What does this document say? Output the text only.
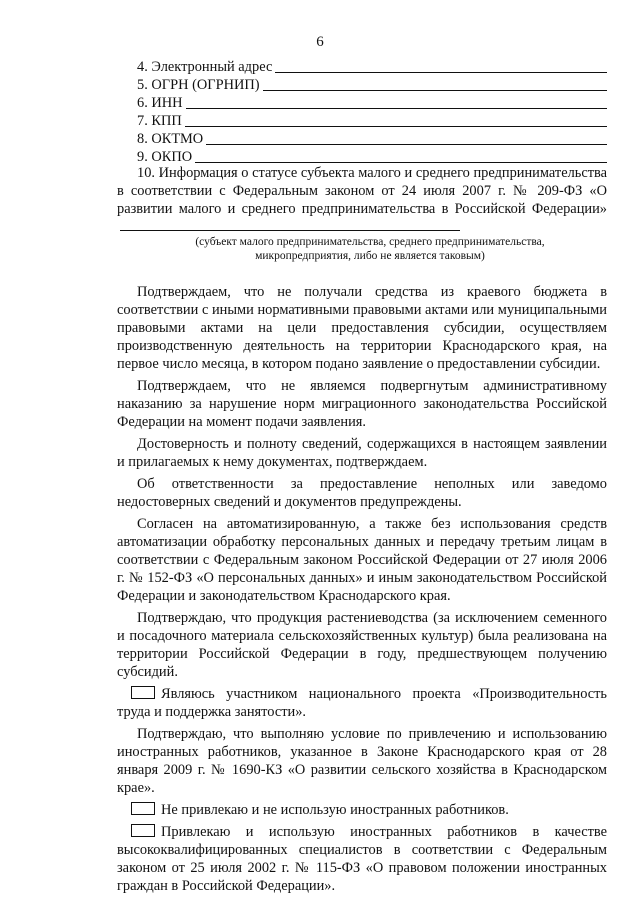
6
4. Электронный адрес
5. ОГРН (ОГРНИП)
6. ИНН
7. КПП
8. ОКТМО
9. ОКПО

10. Информация о статусе субъекта малого и среднего предпринимательства в соответствии с Федеральным законом от 24 июля 2007 г. № 209-ФЗ «О развитии малого и среднего предпринимательства в Российской Федерации»

(субъект малого предпринимательства, среднего предпринимательства, микропредприятия, либо не является таковым)

Подтверждаем, что не получали средства из краевого бюджета в соответствии с иными нормативными правовыми актами или муниципальными правовыми актами на цели предоставления субсидии, осуществляем производственную деятельность на территории Краснодарского края, на первое число месяца, в котором подано заявление о предоставлении субсидии.

Подтверждаем, что не являемся подвергнутым административному наказанию за нарушение норм миграционного законодательства Российской Федерации на момент подачи заявления.

Достоверность и полноту сведений, содержащихся в настоящем заявлении и прилагаемых к нему документах, подтверждаем.

Об ответственности за предоставление неполных или заведомо недостоверных сведений и документов предупреждены.

Согласен на автоматизированную, а также без использования средств автоматизации обработку персональных данных и передачу третьим лицам в соответствии с Федеральным законом Российской Федерации от 27 июля 2006 г. № 152-ФЗ «О персональных данных» и иным законодательством Российской Федерации и законодательством Краснодарского края.

Подтверждаю, что продукция растениеводства (за исключением семенного и посадочного материала сельскохозяйственных культур) была реализована на территории Российской Федерации в году, предшествующем получению субсидий.

Являюсь участником национального проекта «Производительность труда и поддержка занятости».

Подтверждаю, что выполняю условие по привлечению и использованию иностранных работников, указанное в Законе Краснодарского края от 28 января 2009 г. № 1690-КЗ «О развитии сельского хозяйства в Краснодарском крае».

Не привлекаю и не использую иностранных работников.

Привлекаю и использую иностранных работников в качестве высококвалифицированных специалистов в соответствии с Федеральным законом от 25 июля 2002 г. № 115-ФЗ «О правовом положении иностранных граждан в Российской Федерации».
